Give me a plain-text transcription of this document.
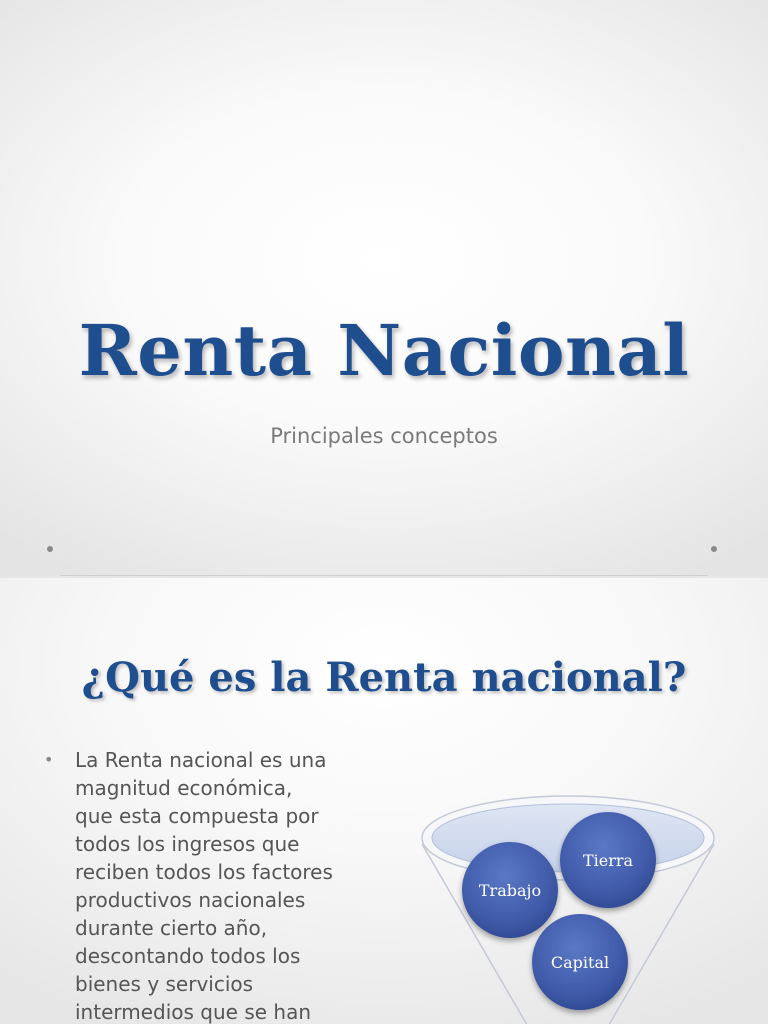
Renta Nacional

Principales conceptos

¿Qué es la Renta nacional?
• La Renta nacional es una
magnitud económica,
que esta compuesta por
todos los ingresos que
reciben todos los factores
productivos nacionales
durante cierto año,
descontando todos los
bienes y servicios
intermedios que se han
Capital
Trabajo
Tierra
